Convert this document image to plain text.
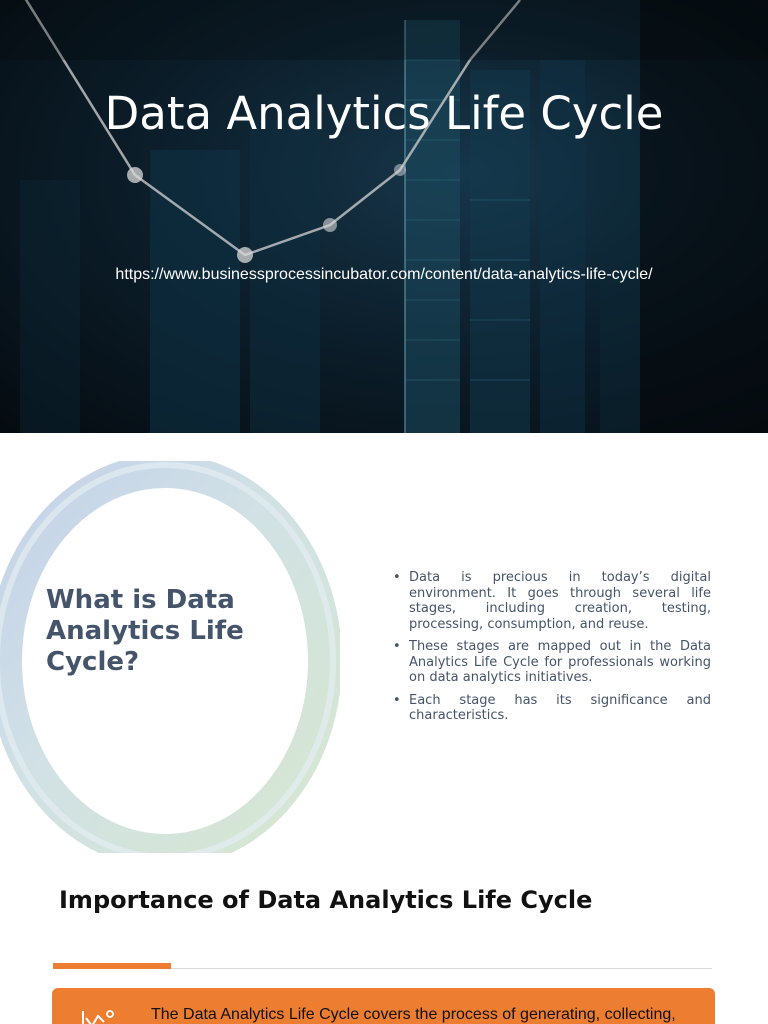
Data Analytics Life Cycle
https://www.businessprocessincubator.com/content/data-analytics-life-cycle/
What is Data Analytics Life Cycle?
• Data is precious in today’s digital environment. It goes through several life stages, including creation, testing, processing, consumption, and reuse.
• These stages are mapped out in the Data Analytics Life Cycle for professionals working on data analytics initiatives.
• Each stage has its significance and characteristics.
Importance of Data Analytics Life Cycle
The Data Analytics Life Cycle covers the process of generating, collecting,
